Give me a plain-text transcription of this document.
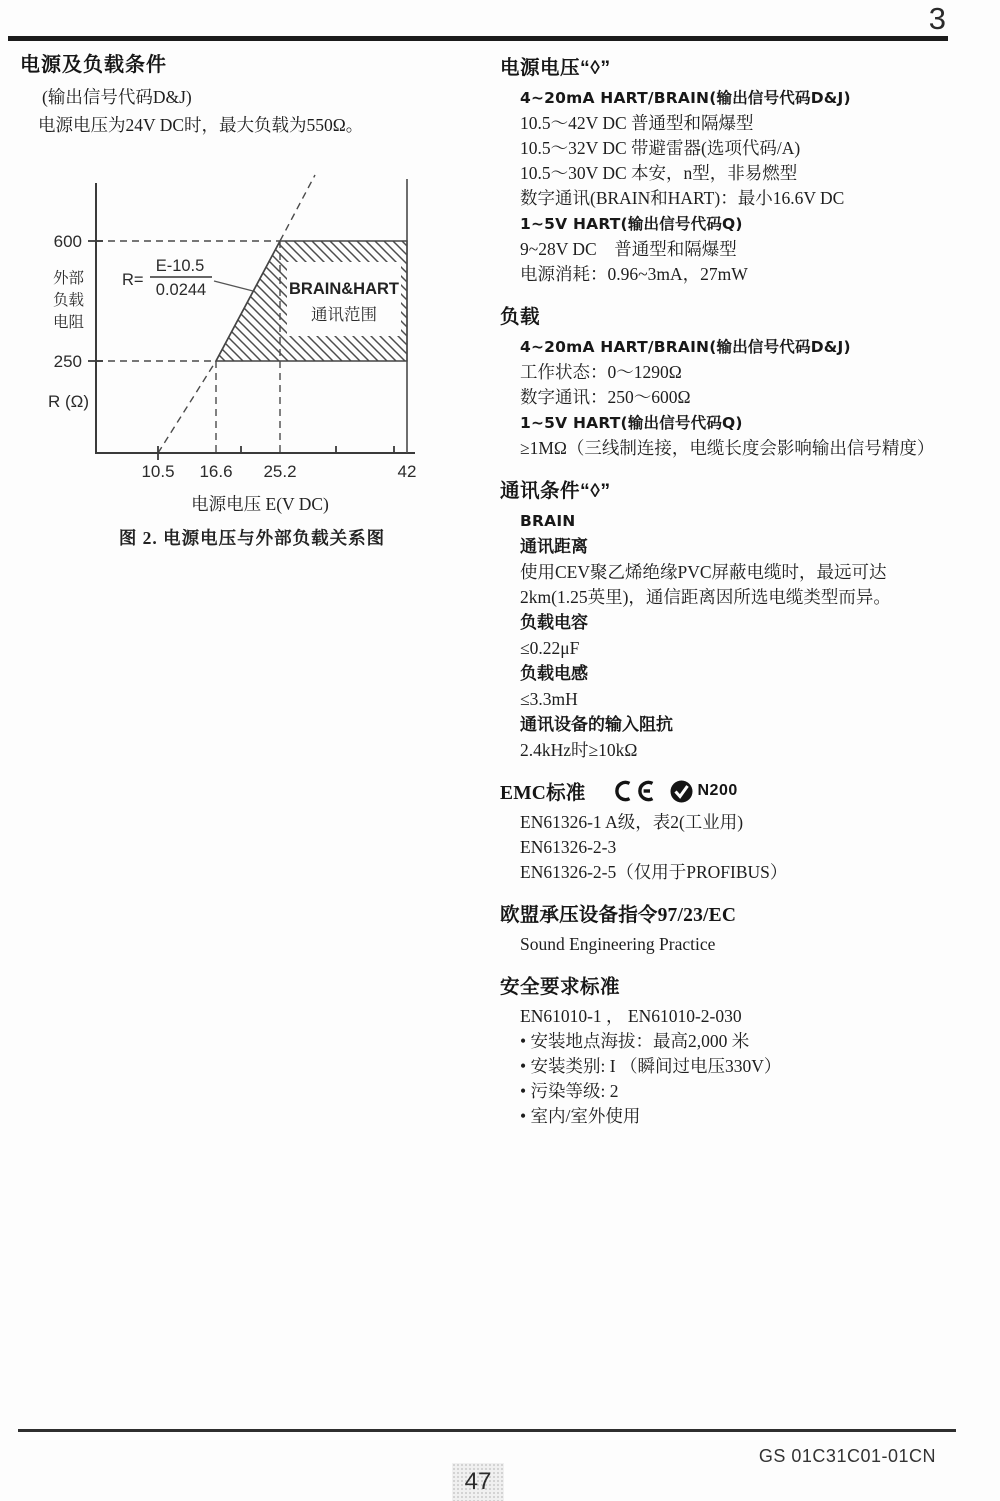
3
电源及负载条件
(输出信号代码D&J)
电源电压为24V DC时，最大负载为550Ω。
BRAIN&HART
通讯范围
600
250
外部
负载
电阻
R (Ω)
R=
E-10.5
0.0244
10.5 16.6 25.2	42
电源电压 E(V DC)
图 2. 电源电压与外部负载关系图
电源电压“◊”
4~20mA HART/BRAIN(输出信号代码D&J)
10.5～42V DC 普通型和隔爆型
10.5～32V DC 带避雷器(选项代码/A)
10.5～30V DC 本安，n型，非易燃型
数字通讯(BRAIN和HART)：最小16.6V DC
1~5V HART(输出信号代码Q)
9~28V DC　普通型和隔爆型
电源消耗：0.96~3mA，27mW
负载
4~20mA HART/BRAIN(输出信号代码D&J)
工作状态：0～1290Ω
数字通讯：250～600Ω
1~5V HART(输出信号代码Q)
≥1MΩ（三线制连接，电缆长度会影响输出信号精度）
通讯条件“◊”
BRAIN
通讯距离
使用CEV聚乙烯绝缘PVC屏蔽电缆时，最远可达
2km(1.25英里)，通信距离因所选电缆类型而异。
负载电容
≤0.22μF
负载电感
≤3.3mH
通讯设备的输入阻抗
2.4kHz时≥10kΩ
EMC标准	N200
EN61326-1 A级，表2(工业用)
EN61326-2-3
EN61326-2-5（仅用于PROFIBUS）
欧盟承压设备指令97/23/EC
Sound Engineering Practice
安全要求标准
EN61010-1 ， EN61010-2-030
• 安装地点海拔：最高2,000 米
• 安装类别: I （瞬间过电压330V）
• 污染等级: 2
• 室内/室外使用
GS 01C31C01-01CN
47
